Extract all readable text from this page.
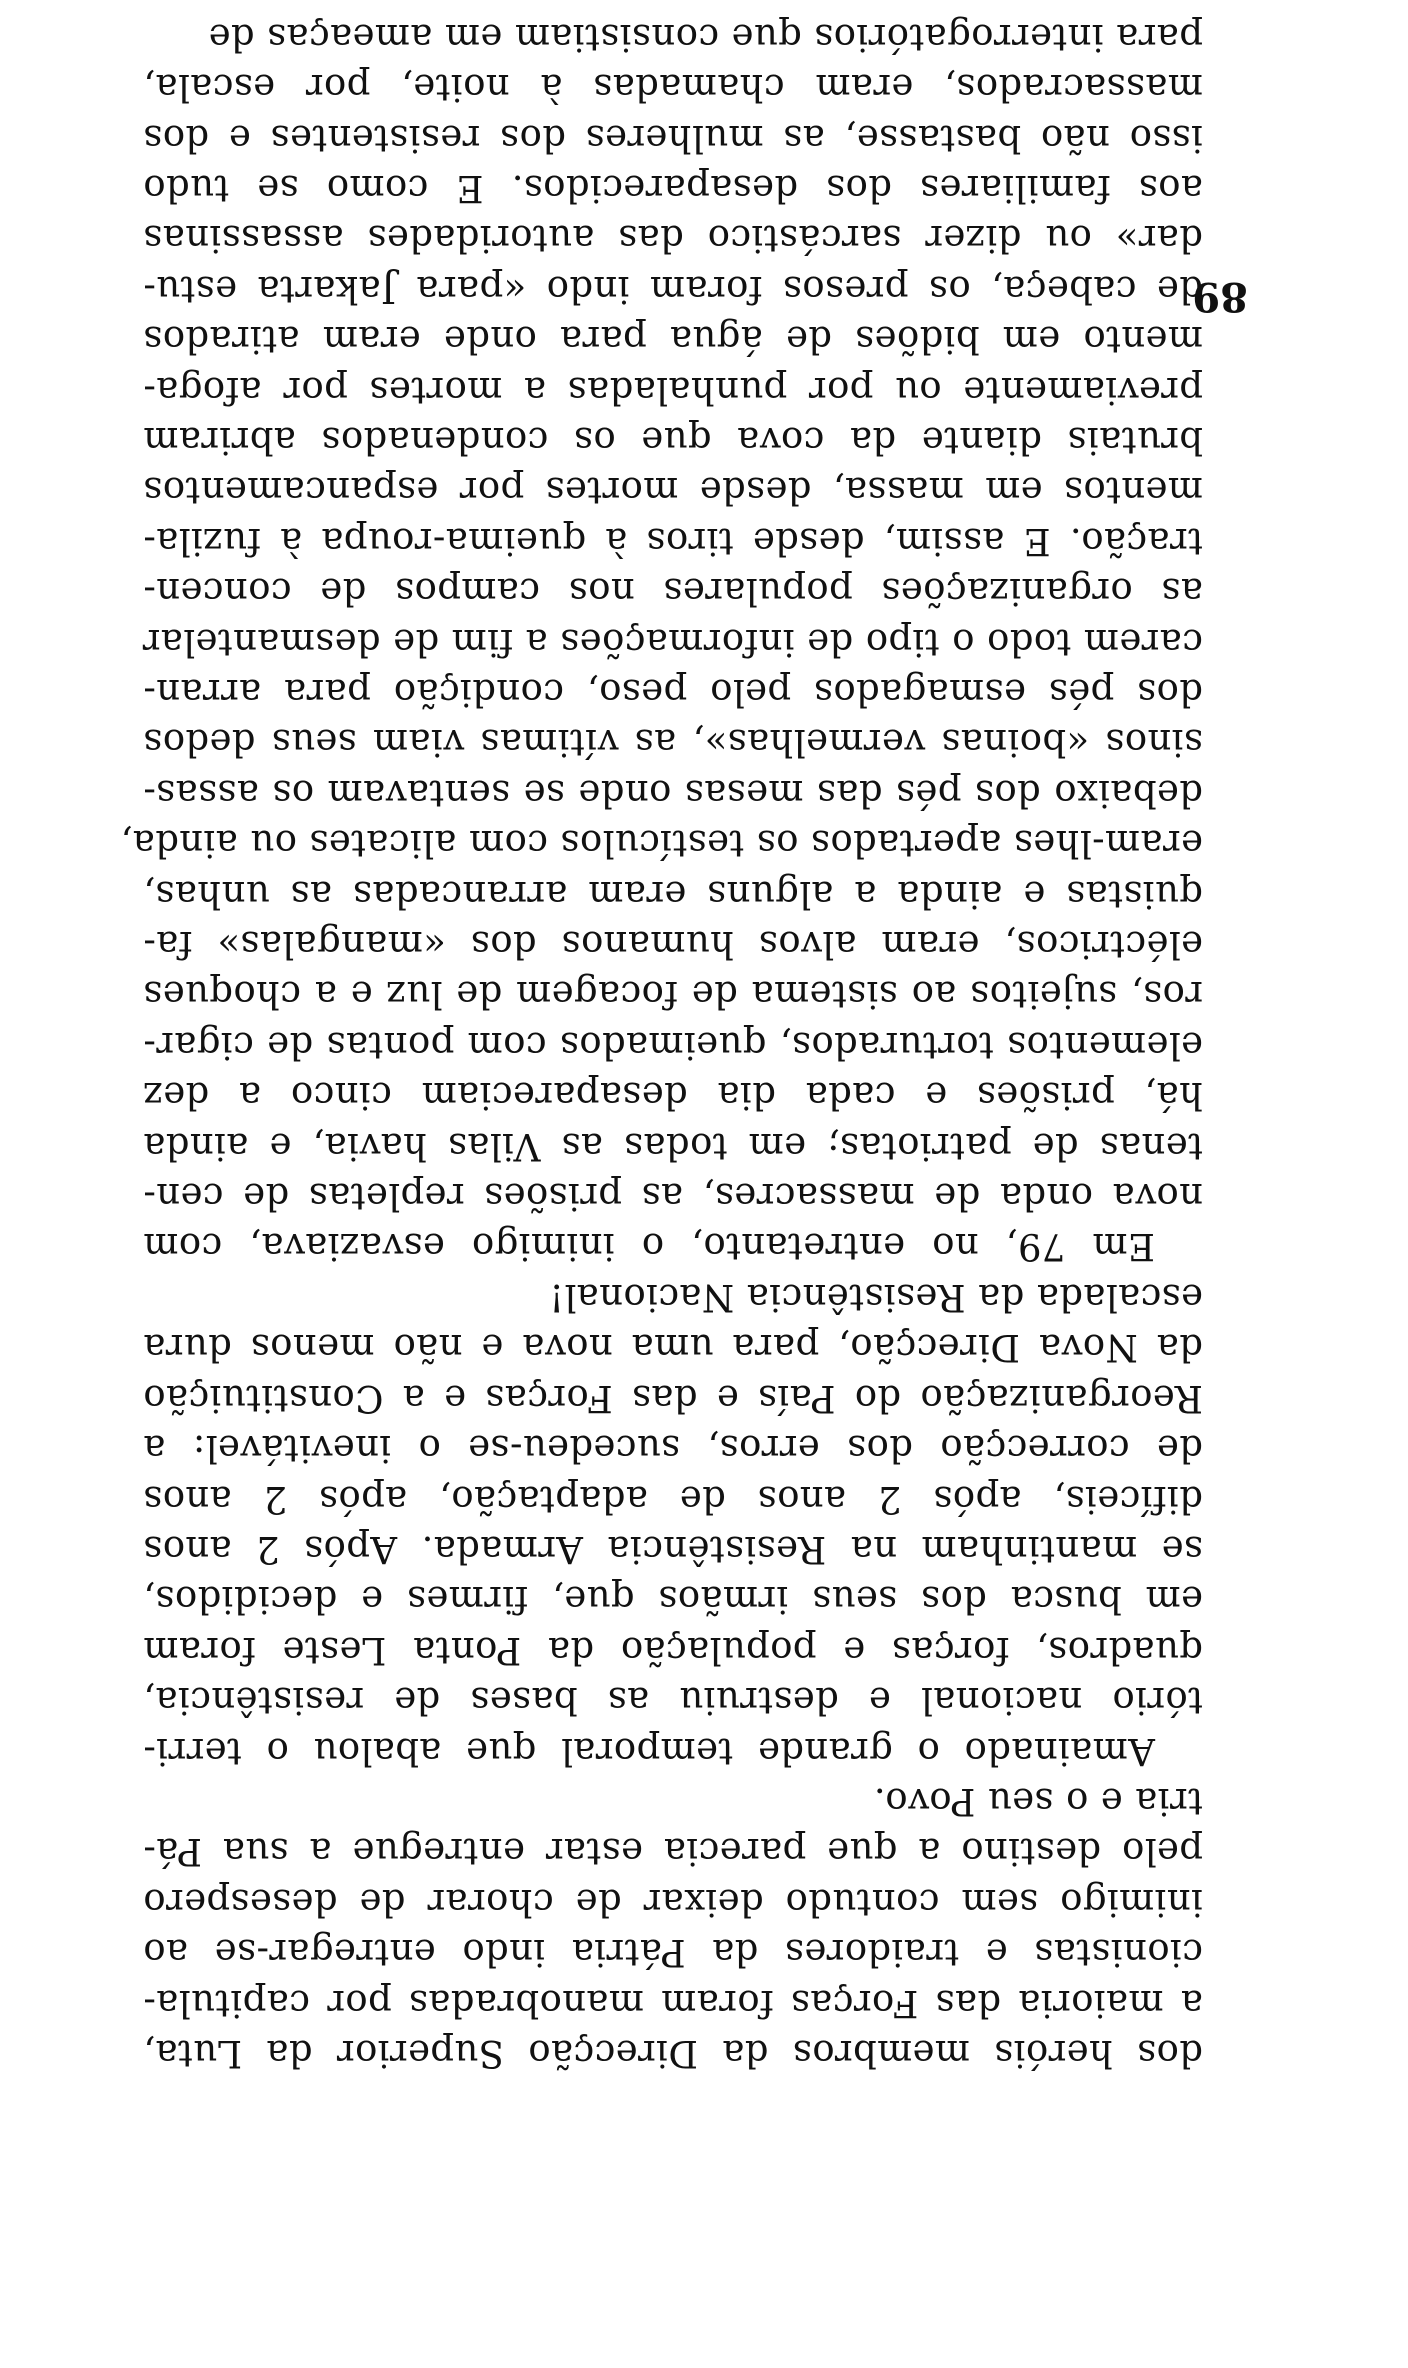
dos heróis membros da Direcção Superior da Luta,
a maioria das Forças foram manobradas por capitula-
cionistas e traidores da Pátria indo entregar-se ao
inimigo sem contudo deixar de chorar de desespero
pelo destino a que parecia estar entregue a sua Pá-
tria e o seu Povo.

Amainado o grande temporal que abalou o terri-
tório nacional e destruiu as bases de resistência,
quadros, forças e população da Ponta Leste foram
em busca dos seus irmãos que, firmes e decididos,
se mantinham na Resistência Armada. Após 2 anos
difíceis, após 2 anos de adaptação, após 2 anos
de correcção dos erros, sucedeu-se o inevitável: a
Reorganização do País e das Forças e a Constituição
da Nova Direcção, para uma nova e não menos dura
escalada da Resistência Nacional!

Em 79, no entretanto, o inimigo esvaziava, com
nova onda de massacres, as prisões repletas de cen-
tenas de patriotas; em todas as Vilas havia, e ainda
há, prisões e cada dia desapareciam cinco a dez
elementos torturados, queimados com pontas de cigar-
ros, sujeitos ao sistema de focagem de luz e a choques
eléctricos, eram alvos humanos dos «mangalas» fa-
quistas e ainda a alguns eram arrancadas as unhas,
eram-lhes apertados os testículos com alicates ou ainda,
debaixo dos pés das mesas onde se sentavam os assas-
sinos «boinas vermelhas», as vítimas viam seus dedos
dos pés esmagados pelo peso, condição para arran-
carem todo o tipo de informações a fim de desmantelar
as organizações populares nos campos de concen-
tração. E assim, desde tiros à queima-roupa à fuzila-
mentos em massa, desde mortes por espancamentos
brutais diante da cova que os condenados abriram
previamente ou por punhaladas a mortes por afoga-
mento em bidões de água para onde eram atirados
de cabeça, os presos foram indo «para Jakarta estu-
dar» ou dizer sarcástico das autoridades assassinas
aos familiares dos desaparecidos. E como se tudo
isso não bastasse, as mulheres dos resistentes e dos
massacrados, eram chamadas à noite, por escala,
para interrogatórios que consistiam em ameaças de

89
